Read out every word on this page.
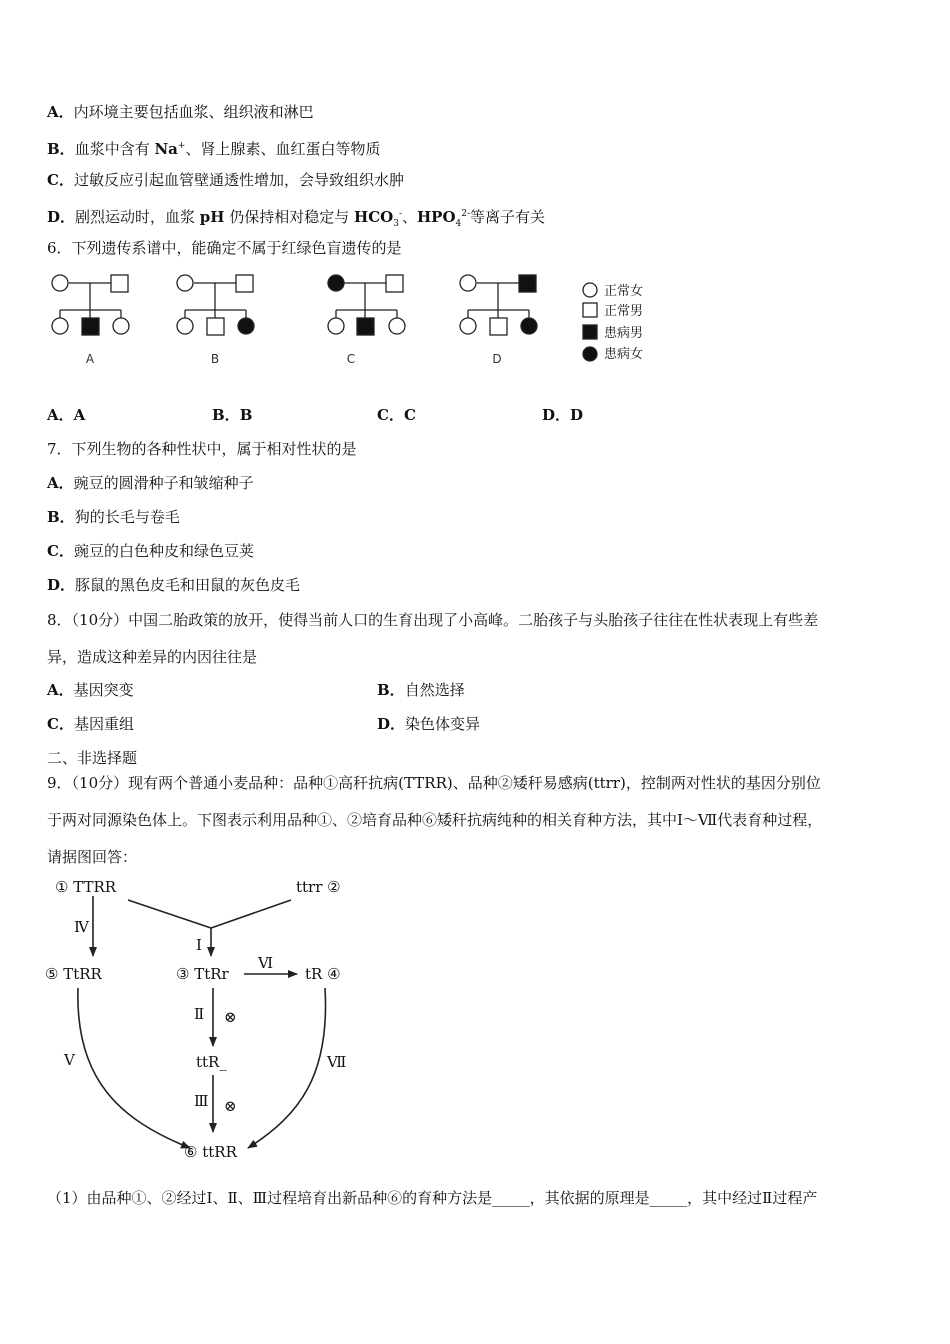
A．内环境主要包括血浆、组织液和淋巴
B．血浆中含有 Na+、肾上腺素、血红蛋白等物质
C．过敏反应引起血管壁通透性增加，会导致组织水肿
D．剧烈运动时，血浆 pH 仍保持相对稳定与 $HCO_3^-$、$HPO_4^{2-}$等离子有关
6．下列遗传系谱中，能确定不属于红绿色盲遗传的是
A	B	C	D
正常女
正常男
患病男
患病女
A．A	B．B	C．C	D．D
7．下列生物的各种性状中，属于相对性状的是
A．豌豆的圆滑种子和皱缩种子
B．狗的长毛与卷毛
C．豌豆的白色种皮和绿色豆荚
D．豚鼠的黑色皮毛和田鼠的灰色皮毛
8．（10分）中国二胎政策的放开，使得当前人口的生育出现了小高峰。二胎孩子与头胎孩子往往在性状表现上有些差
异，造成这种差异的内因往往是
A．基因突变	B．自然选择
C．基因重组	D．染色体变异
二、非选择题
9．（10分）现有两个普通小麦品种：品种①高秆抗病(TTRR)、品种②矮秆易感病(ttrr)，控制两对性状的基因分别位
于两对同源染色体上。下图表示利用品种①、②培育品种⑥矮秆抗病纯种的相关育种方法，其中Ⅰ～Ⅶ代表育种过程，
请据图回答：
① TTRR	ttrr ②
⑤ TtRR	③ TtRr	tR ④
ttR_
⑥ ttRR
Ⅳ
Ⅰ
Ⅵ
Ⅱ ⊗
Ⅲ ⊗
Ⅴ	Ⅶ
（1）由品种①、②经过Ⅰ、Ⅱ、Ⅲ过程培育出新品种⑥的育种方法是_____，其依据的原理是_____，其中经过Ⅱ过程产
